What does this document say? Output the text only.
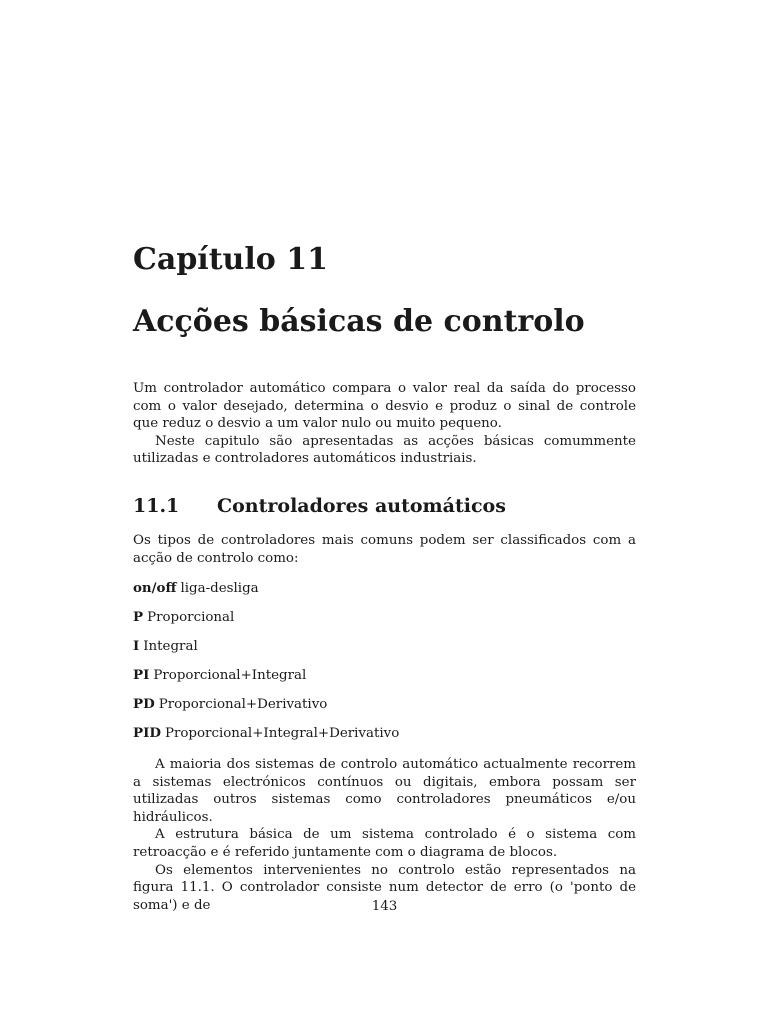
Capítulo 11
Acções básicas de controlo

Um controlador automático compara o valor real da saída do processo com o valor desejado, determina o desvio e produz o sinal de controle que reduz o desvio a um valor nulo ou muito pequeno.

Neste capitulo são apresentadas as acções básicas comummente utilizadas e controladores automáticos industriais.

11.1 Controladores automáticos

Os tipos de controladores mais comuns podem ser classificados com a acção de controlo como:

on/off liga-desliga
P Proporcional
I Integral
PI Proporcional+Integral
PD Proporcional+Derivativo
PID Proporcional+Integral+Derivativo

A maioria dos sistemas de controlo automático actualmente recorrem a sistemas electrónicos contínuos ou digitais, embora possam ser utilizadas outros sistemas como controladores pneumáticos e/ou hidráulicos.

A estrutura básica de um sistema controlado é o sistema com retroacção e é referido juntamente com o diagrama de blocos.

Os elementos intervenientes no controlo estão representados na figura 11.1. O controlador consiste num detector de erro (o 'ponto de soma') e de	143
